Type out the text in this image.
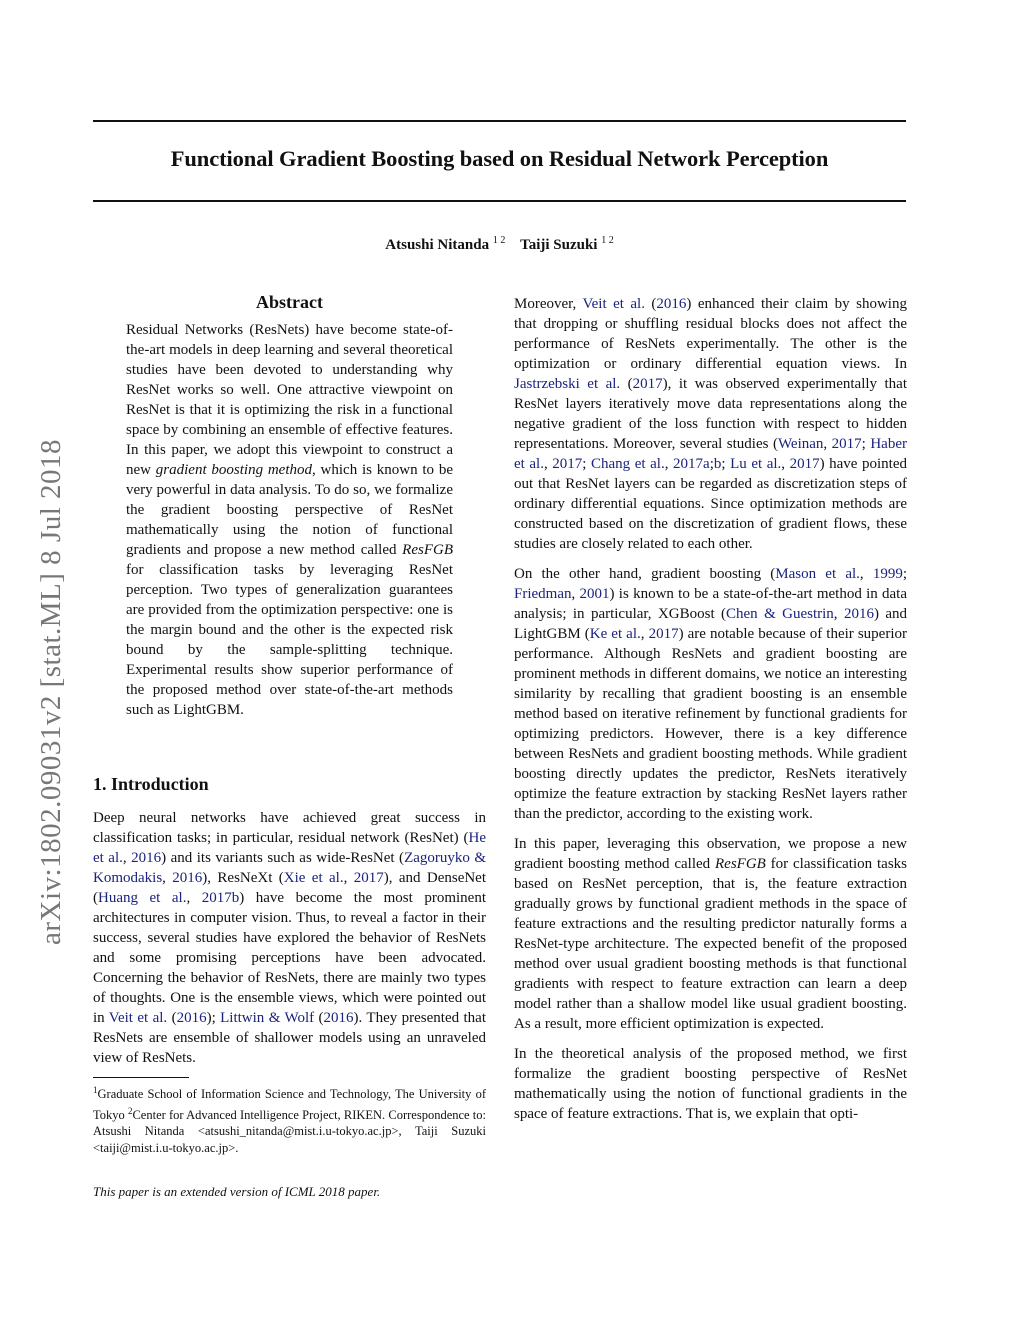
Functional Gradient Boosting based on Residual Network Perception
Atsushi Nitanda $^{1 2}$ Taiji Suzuki $^{1 2}$
arXiv:1802.09031v2 [stat.ML] 8 Jul 2018
Abstract

Residual Networks (ResNets) have become state-of-the-art models in deep learning and several theoretical studies have been devoted to understanding why ResNet works so well. One attractive viewpoint on ResNet is that it is optimizing the risk in a functional space by combining an ensemble of effective features. In this paper, we adopt this viewpoint to construct a new gradient boosting method, which is known to be very powerful in data analysis. To do so, we formalize the gradient boosting perspective of ResNet mathematically using the notion of functional gradients and propose a new method called ResFGB for classification tasks by leveraging ResNet perception. Two types of generalization guarantees are provided from the optimization perspective: one is the margin bound and the other is the expected risk bound by the sample-splitting technique. Experimental results show superior performance of the proposed method over state-of-the-art methods such as LightGBM.

1. Introduction

Deep neural networks have achieved great success in classification tasks; in particular, residual network (ResNet) (He et al., 2016) and its variants such as wide-ResNet (Zagoruyko & Komodakis, 2016), ResNeXt (Xie et al., 2017), and DenseNet (Huang et al., 2017b) have become the most prominent architectures in computer vision. Thus, to reveal a factor in their success, several studies have explored the behavior of ResNets and some promising perceptions have been advocated. Concerning the behavior of ResNets, there are mainly two types of thoughts. One is the ensemble views, which were pointed out in Veit et al. (2016); Littwin & Wolf (2016). They presented that ResNets are ensemble of shallower models using an unraveled view of ResNets.

$^1$Graduate School of Information Science and Technology, The University of Tokyo $^2$Center for Advanced Intelligence Project, RIKEN. Correspondence to: Atsushi Nitanda <atsushi_nitanda@mist.i.u-tokyo.ac.jp>, Taiji Suzuki <taiji@mist.i.u-tokyo.ac.jp>.

This paper is an extended version of ICML 2018 paper.

Moreover, Veit et al. (2016) enhanced their claim by showing that dropping or shuffling residual blocks does not affect the performance of ResNets experimentally. The other is the optimization or ordinary differential equation views. In Jastrzebski et al. (2017), it was observed experimentally that ResNet layers iteratively move data representations along the negative gradient of the loss function with respect to hidden representations. Moreover, several studies (Weinan, 2017; Haber et al., 2017; Chang et al., 2017a;b; Lu et al., 2017) have pointed out that ResNet layers can be regarded as discretization steps of ordinary differential equations. Since optimization methods are constructed based on the discretization of gradient flows, these studies are closely related to each other.

On the other hand, gradient boosting (Mason et al., 1999; Friedman, 2001) is known to be a state-of-the-art method in data analysis; in particular, XGBoost (Chen & Guestrin, 2016) and LightGBM (Ke et al., 2017) are notable because of their superior performance. Although ResNets and gradient boosting are prominent methods in different domains, we notice an interesting similarity by recalling that gradient boosting is an ensemble method based on iterative refinement by functional gradients for optimizing predictors. However, there is a key difference between ResNets and gradient boosting methods. While gradient boosting directly updates the predictor, ResNets iteratively optimize the feature extraction by stacking ResNet layers rather than the predictor, according to the existing work.

In this paper, leveraging this observation, we propose a new gradient boosting method called ResFGB for classification tasks based on ResNet perception, that is, the feature extraction gradually grows by functional gradient methods in the space of feature extractions and the resulting predictor naturally forms a ResNet-type architecture. The expected benefit of the proposed method over usual gradient boosting methods is that functional gradients with respect to feature extraction can learn a deep model rather than a shallow model like usual gradient boosting. As a result, more efficient optimization is expected.

In the theoretical analysis of the proposed method, we first formalize the gradient boosting perspective of ResNet mathematically using the notion of functional gradients in the space of feature extractions. That is, we explain that opti-
